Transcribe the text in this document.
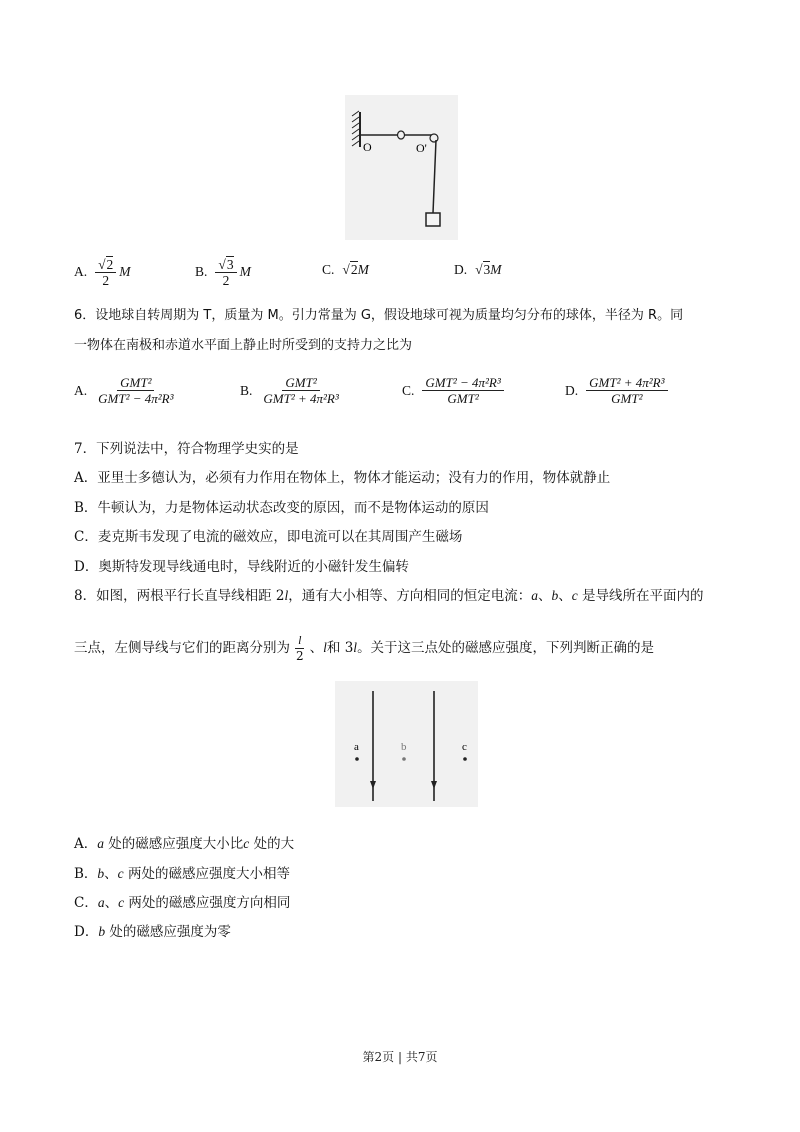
O	O'
A. $\frac{√2}{2}$ M	B. $\frac{√3}{2}$ M	C. √2 M	D. √3 M
6．设地球自转周期为 T，质量为 M。引力常量为 G，假设地球可视为质量均匀分布的球体，半径为 R。同
一物体在南极和赤道水平面上静止时所受到的支持力之比为
A. $\frac{\text{GMT²}}{\text{GMT² − 4π²R³}}$	B. $\frac{\text{GMT²}}{\text{GMT² + 4π²R³}}$	C. $\frac{\text{GMT² − 4π²R³}}{\text{GMT²}}$	D. $\frac{\text{GMT² + 4π²R³}}{\text{GMT²}}$
7．下列说法中，符合物理学史实的是
A．亚里士多德认为，必须有力作用在物体上，物体才能运动；没有力的作用，物体就静止
B．牛顿认为，力是物体运动状态改变的原因，而不是物体运动的原因
C．麦克斯韦发现了电流的磁效应，即电流可以在其周围产生磁场
D．奥斯特发现导线通电时，导线附近的小磁针发生偏转
8．如图，两根平行长直导线相距 2l，通有大小相等、方向相同的恒定电流：a、b、c 是导线所在平面内的
三点，左侧导线与它们的距离分别为 $\frac{l}{2}$ 、 l 和 3 l 。关于这三点处的磁感应强度，下列判断正确的是
a	b	c
A．a 处的磁感应强度大小比c 处的大
B．b、c 两处的磁感应强度大小相等
C．a、c 两处的磁感应强度方向相同
D．b 处的磁感应强度为零
第2页 | 共7页
